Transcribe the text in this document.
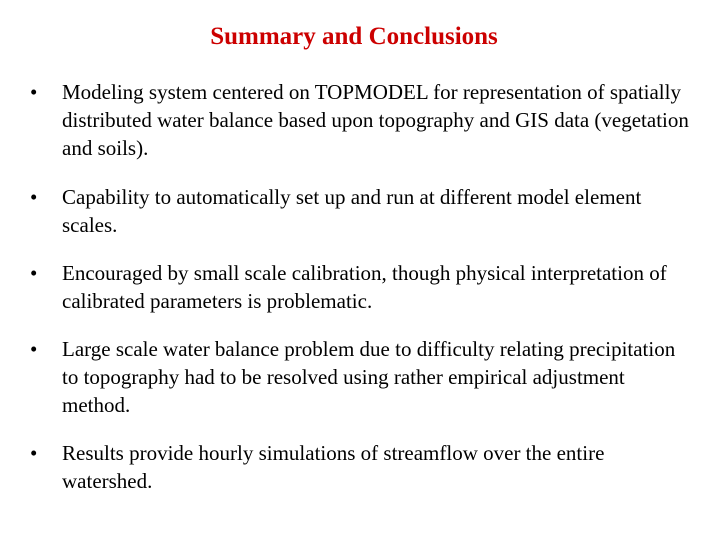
Summary and Conclusions
•	Modeling system centered on TOPMODEL for representation of spatially distributed water balance based upon topography and GIS data (vegetation and soils).
•	Capability to automatically set up and run at different model element scales.
•	Encouraged by small scale calibration, though physical interpretation of calibrated parameters is problematic.
•	Large scale water balance problem due to difficulty relating precipitation to topography had to be resolved using rather empirical adjustment method.
•	Results provide hourly simulations of streamflow over the entire watershed.
